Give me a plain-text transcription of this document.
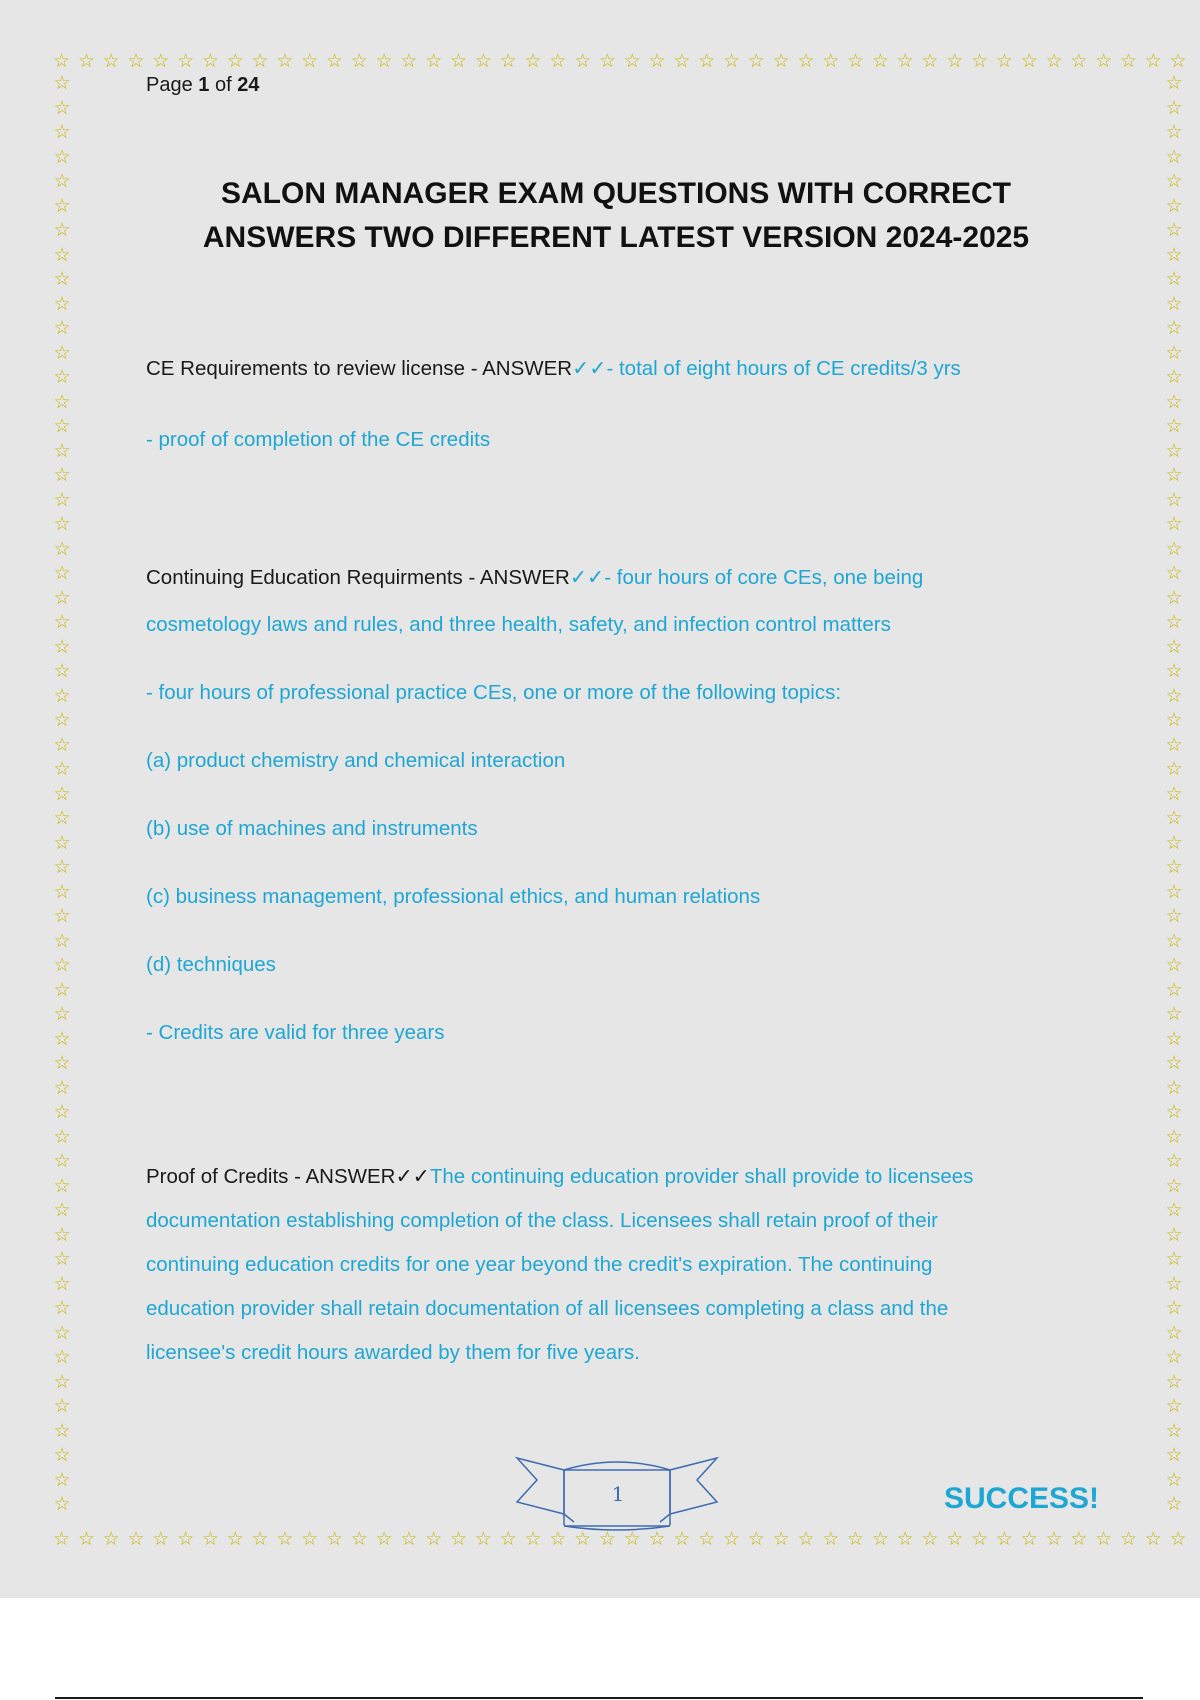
☆ ☆ ☆ ☆ ☆ ☆ ☆ ☆ ☆ ☆ ☆ ☆ ☆ ☆ ☆ ☆ ☆ ☆ ☆ ☆ ☆ ☆ ☆ ☆ ☆ ☆ ☆ ☆ ☆ ☆ ☆ ☆ ☆ ☆ ☆ ☆ ☆ ☆ ☆ ☆ ☆ ☆ ☆ ☆ ☆ ☆
☆ ☆ ☆ ☆ ☆ ☆ ☆ ☆ ☆ ☆ ☆ ☆ ☆ ☆ ☆ ☆ ☆ ☆ ☆ ☆ ☆ ☆ ☆ ☆ ☆ ☆ ☆ ☆ ☆ ☆ ☆ ☆ ☆ ☆ ☆ ☆ ☆ ☆ ☆ ☆ ☆ ☆ ☆ ☆ ☆ ☆
☆
☆
☆
☆
☆
☆
☆
☆
☆
☆
☆
☆
☆
☆
☆
☆
☆
☆
☆
☆
☆
☆
☆
☆
☆
☆
☆
☆
☆
☆
☆
☆
☆
☆
☆
☆
☆
☆
☆
☆
☆
☆
☆
☆
☆
☆
☆
☆
☆
☆
☆
☆
☆
☆
☆
☆
☆
☆
☆
☆
☆
☆
☆
☆
☆
☆
☆
☆
☆
☆
☆
☆
☆
☆
☆
☆
☆
☆
☆
☆
☆
☆
☆
☆
☆
☆
☆
☆
☆
☆
☆
☆
☆
☆
☆
☆
☆
☆
☆
☆
☆
☆
☆
☆
☆
☆
☆
☆
☆
☆
☆
☆
☆
☆
☆
☆
☆
☆
Page 1 of 24
SALON MANAGER EXAM QUESTIONS WITH CORRECT
ANSWERS TWO DIFFERENT LATEST VERSION 2024-2025
CE Requirements to review license - ANSWER✓✓- total of eight hours of CE credits/3 yrs
- proof of completion of the CE credits
Continuing Education Requirments - ANSWER✓✓- four hours of core CEs, one being
cosmetology laws and rules, and three health, safety, and infection control matters
- four hours of professional practice CEs, one or more of the following topics:
(a) product chemistry and chemical interaction
(b) use of machines and instruments
(c) business management, professional ethics, and human relations
(d) techniques
- Credits are valid for three years
Proof of Credits - ANSWER✓✓The continuing education provider shall provide to licensees
documentation establishing completion of the class. Licensees shall retain proof of their
continuing education credits for one year beyond the credit's expiration. The continuing
education provider shall retain documentation of all licensees completing a class and the
licensee's credit hours awarded by them for five years.
1	SUCCESS!
